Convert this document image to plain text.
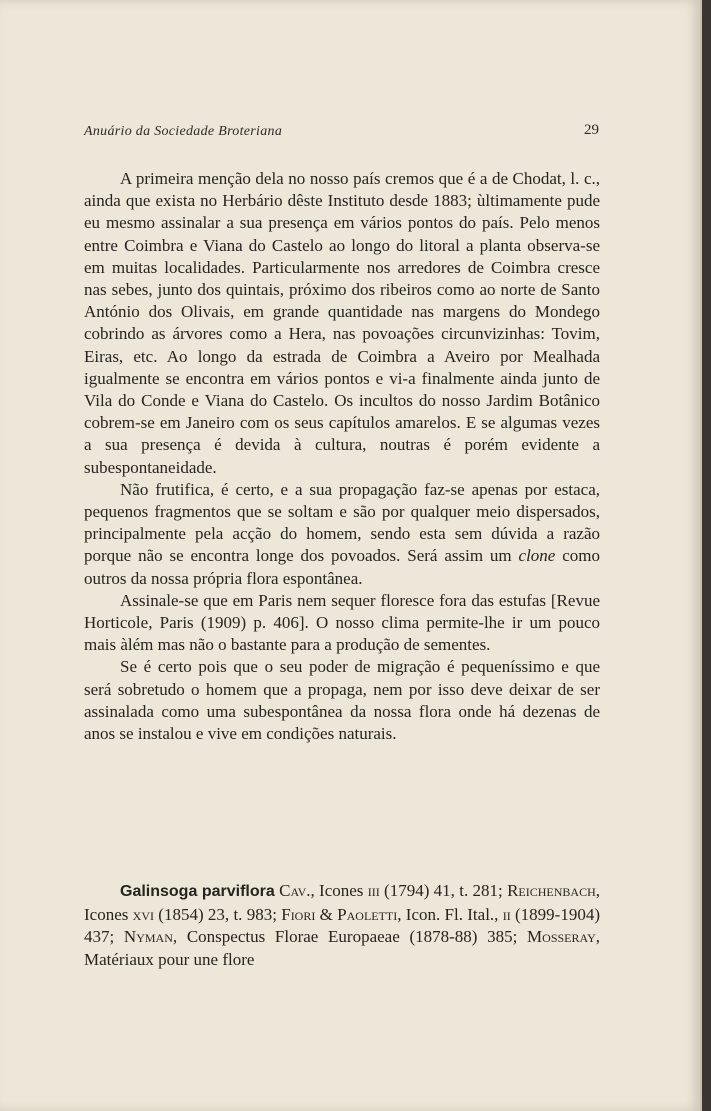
Anuário da Sociedade Broteriana	29

A primeira menção dela no nosso país cremos que é a de Chodat, l. c., ainda que exista no Herbário dêste Instituto desde 1883; ùltimamente pude eu mesmo assinalar a sua presença em vários pontos do país. Pelo menos entre Coimbra e Viana do Castelo ao longo do litoral a planta observa-se em muitas localidades. Particularmente nos arredores de Coimbra cresce nas sebes, junto dos quintais, próximo dos ribeiros como ao norte de Santo António dos Olivais, em grande quantidade nas margens do Mondego cobrindo as árvores como a Hera, nas povoações circunvizinhas: Tovim, Eiras, etc. Ao longo da estrada de Coimbra a Aveiro por Mealhada igualmente se encontra em vários pontos e vi-a finalmente ainda junto de Vila do Conde e Viana do Castelo. Os incultos do nosso Jardim Botânico cobrem-se em Janeiro com os seus capítulos amarelos. E se algumas vezes a sua presença é devida à cultura, noutras é porém evidente a subespontaneidade.

Não frutifica, é certo, e a sua propagação faz-se apenas por estaca, pequenos fragmentos que se soltam e são por qualquer meio dispersados, principalmente pela acção do homem, sendo esta sem dúvida a razão porque não se encontra longe dos povoados. Será assim um clone como outros da nossa própria flora espontânea.

Assinale-se que em Paris nem sequer floresce fora das estufas [Revue Horticole, Paris (1909) p. 406]. O nosso clima permite-lhe ir um pouco mais àlém mas não o bastante para a produção de sementes.

Se é certo pois que o seu poder de migração é pequeníssimo e que será sobretudo o homem que a propaga, nem por isso deve deixar de ser assinalada como uma subespontânea da nossa flora onde há dezenas de anos se instalou e vive em condições naturais.

Galinsoga parviflora Cav., Icones iii (1794) 41, t. 281; Reichenbach, Icones xvi (1854) 23, t. 983; Fiori & Paoletti, Icon. Fl. Ital., ii (1899-1904) 437; Nyman, Conspectus Florae Europaeae (1878-88) 385; Mosseray, Matériaux pour une flore
